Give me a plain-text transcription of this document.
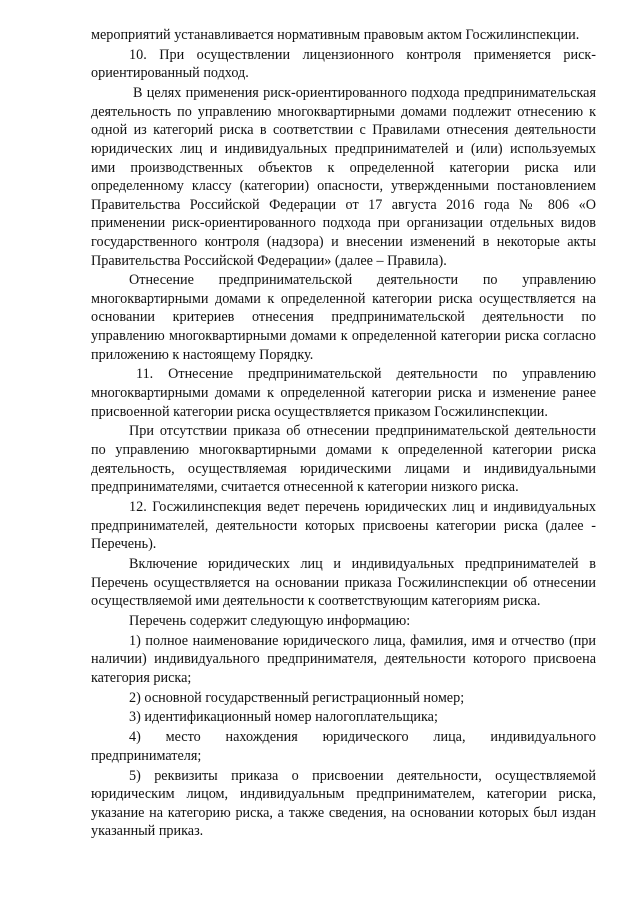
мероприятий устанавливается нормативным правовым актом Госжилинспекции.

10. При осуществлении лицензионного контроля применяется риск-ориентированный подход.

В целях применения риск-ориентированного подхода предпринимательская деятельность по управлению многоквартирными домами подлежит отнесению к одной из категорий риска в соответствии с Правилами отнесения деятельности юридических лиц и индивидуальных предпринимателей и (или) используемых ими производственных объектов к определенной категории риска или определенному классу (категории) опасности, утвержденными постановлением Правительства Российской Федерации от 17 августа 2016 года № 806 «О применении риск-ориентированного подхода при организации отдельных видов государственного контроля (надзора) и внесении изменений в некоторые акты Правительства Российской Федерации» (далее – Правила).

Отнесение предпринимательской деятельности по управлению многоквартирными домами к определенной категории риска осуществляется на основании критериев отнесения предпринимательской деятельности по управлению многоквартирными домами к определенной категории риска согласно приложению к настоящему Порядку.

11. Отнесение предпринимательской деятельности по управлению многоквартирными домами к определенной категории риска и изменение ранее присвоенной категории риска осуществляется приказом Госжилинспекции.

При отсутствии приказа об отнесении предпринимательской деятельности по управлению многоквартирными домами к определенной категории риска деятельность, осуществляемая юридическими лицами и индивидуальными предпринимателями, считается отнесенной к категории низкого риска.

12. Госжилинспекция ведет перечень юридических лиц и индивидуальных предпринимателей, деятельности которых присвоены категории риска (далее - Перечень).

Включение юридических лиц и индивидуальных предпринимателей в Перечень осуществляется на основании приказа Госжилинспекции об отнесении осуществляемой ими деятельности к соответствующим категориям риска.

Перечень содержит следующую информацию:

1) полное наименование юридического лица, фамилия, имя и отчество (при наличии) индивидуального предпринимателя, деятельности которого присвоена категория риска;

2) основной государственный регистрационный номер;

3) идентификационный номер налогоплательщика;

4) место нахождения юридического лица, индивидуального предпринимателя;

5) реквизиты приказа о присвоении деятельности, осуществляемой юридическим лицом, индивидуальным предпринимателем, категории риска, указание на категорию риска, а также сведения, на основании которых был издан указанный приказ.
